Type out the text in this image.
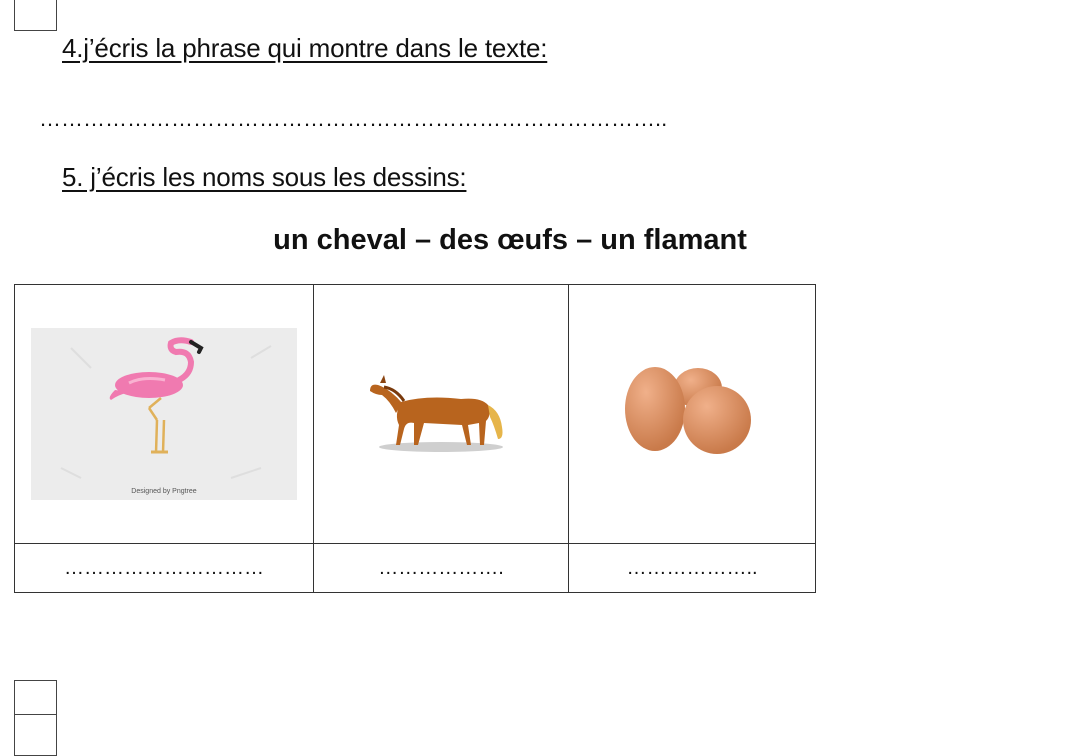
4.j’écris la phrase qui montre dans le texte:
…………………………………………………………………………..
5. j’écris les noms sous les dessins:
un cheval – des œufs – un flamant
Designed by Pngtree

…………………………	……………….	………………..
